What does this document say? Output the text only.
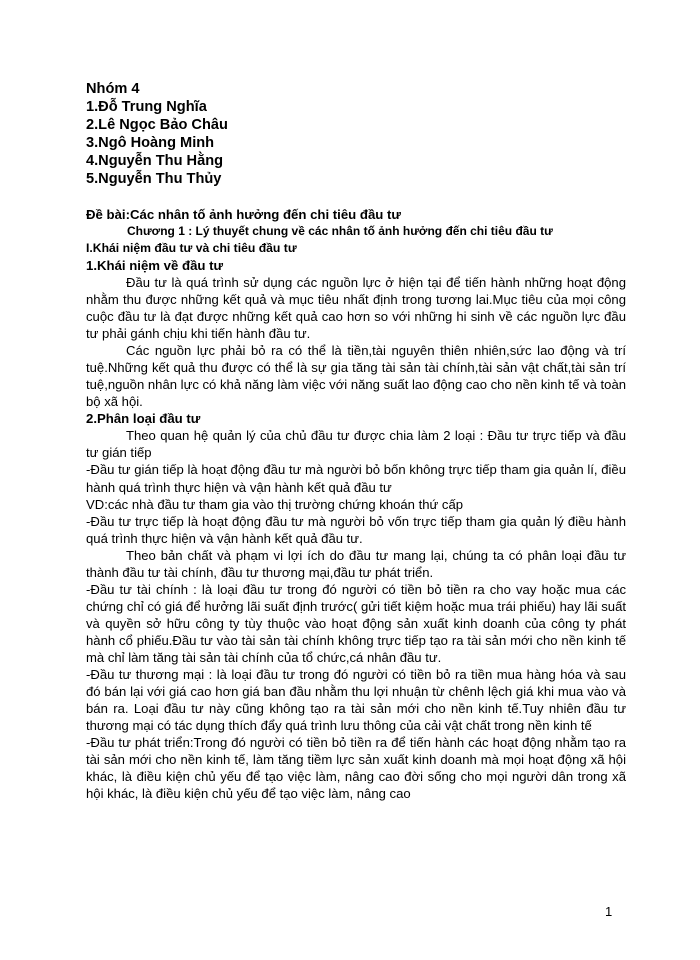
Nhóm 4

1.Đỗ Trung Nghĩa

2.Lê Ngọc Bảo Châu

3.Ngô Hoàng Minh

4.Nguyễn Thu Hằng

5.Nguyễn Thu Thủy

Đề bài:Các nhân tố ảnh hưởng đến chi tiêu đầu tư

Chương 1 : Lý thuyết chung về các nhân tố ảnh hưởng đến chi tiêu đầu tư

I.Khái niệm đầu tư và chi tiêu đầu tư

1.Khái niệm về đầu tư

Đầu tư là quá trình sử dụng các nguồn lực ở hiện tại để tiến hành những hoạt động nhằm thu được những kết quả và mục tiêu nhất định trong tương lai.Mục tiêu của mọi công cuộc đầu tư là đạt được những kết quả cao hơn so với những hi sinh về các nguồn lực đầu tư phải gánh chịu khi tiến hành đầu tư.

Các nguồn lực phải bỏ ra có thể là tiền,tài nguyên thiên nhiên,sức lao động và trí tuệ.Những kết quả thu được có thể là sự gia tăng tài sản tài chính,tài sản vật chất,tài sản trí tuệ,nguồn nhân lực có khả năng làm việc với năng suất lao động cao cho nền kinh tế và toàn bộ xã hội.

2.Phân loại đầu tư

Theo quan hệ quản lý của chủ đầu tư được chia làm 2 loại : Đầu tư trực tiếp và đầu tư gián tiếp

-Đầu tư gián tiếp là hoạt động đầu tư mà người bỏ bốn không trực tiếp tham gia quản lí, điều hành quá trình thực hiện và vận hành kết quả đầu tư

VD:các nhà đầu tư tham gia vào thị trường chứng khoán thứ cấp

-Đầu tư trực tiếp là hoạt động đầu tư mà người bỏ vốn trực tiếp tham gia quản lý điều hành quá trình thực hiện và vận hành kết quả đầu tư.

Theo bản chất và phạm vi lợi ích do đầu tư mang lại, chúng ta có phân loại đầu tư thành đầu tư tài chính, đầu tư thương mại,đầu tư phát triển.

-Đầu tư tài chính : là loại đầu tư trong đó người có tiền bỏ tiền ra cho vay hoặc mua các chứng chỉ có giá để hưởng lãi suất định trước( gửi tiết kiệm hoặc mua trái phiếu) hay lãi suất và quyền sở hữu công ty tùy thuộc vào hoạt động sản xuất kinh doanh của công ty phát hành cổ phiếu.Đầu tư vào tài sản tài chính không trực tiếp tạo ra tài sản mới cho nền kinh tế mà chỉ làm tăng tài sản tài chính của tổ chức,cá nhân đầu tư.

-Đầu tư thương mại : là loại đầu tư trong đó người có tiền bỏ ra tiền mua hàng hóa và sau đó bán lại với giá cao hơn giá ban đầu nhằm thu lợi nhuận từ chênh lệch giá khi mua vào và bán ra. Loại đầu tư này cũng không tạo ra tài sản mới cho nền kinh tế.Tuy nhiên đầu tư thương mại có tác dụng thích đẩy quá trình lưu thông của cải vật chất trong nền kinh tế

-Đầu tư phát triển:Trong đó người có tiền bỏ tiền ra để tiến hành các hoạt động nhằm tạo ra tài sản mới cho nền kinh tế, làm tăng tiềm lực sản xuất kinh doanh mà mọi hoạt động xã hội khác, là điều kiện chủ yếu để tạo việc làm, nâng cao đời sống cho mọi người dân trong xã hội khác, là điều kiện chủ yếu để tạo việc làm, nâng cao

1
